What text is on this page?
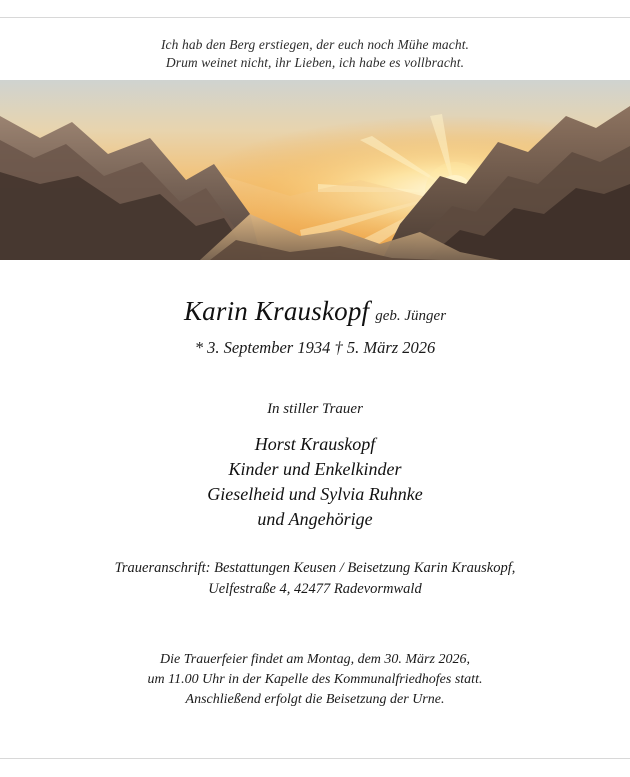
Ich hab den Berg erstiegen, der euch noch Mühe macht.
Drum weinet nicht, ihr Lieben, ich habe es vollbracht.
Karin Krauskopf geb. Jünger
* 3. September 1934 † 5. März 2026
In stiller Trauer
Horst Krauskopf
Kinder und Enkelkinder
Gieselheid und Sylvia Ruhnke
und Angehörige
Traueranschrift: Bestattungen Keusen / Beisetzung Karin Krauskopf,
Uelfestraße 4, 42477 Radevormwald
Die Trauerfeier findet am Montag, dem 30. März 2026,
um 11.00 Uhr in der Kapelle des Kommunalfriedhofes statt.
Anschließend erfolgt die Beisetzung der Urne.
